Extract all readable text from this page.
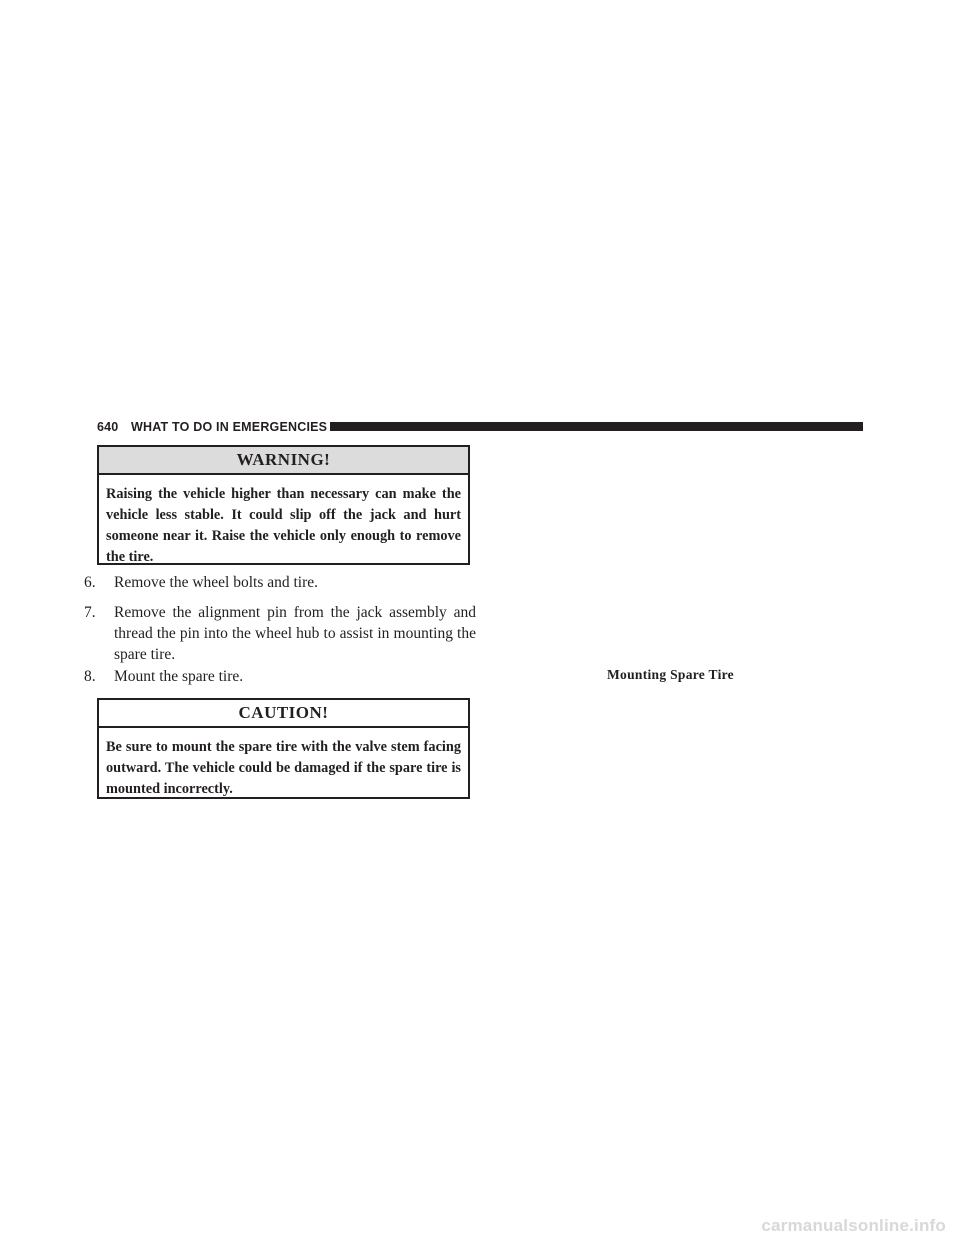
640 WHAT TO DO IN EMERGENCIES
WARNING!
Raising the vehicle higher than necessary can make the vehicle less stable. It could slip off the jack and hurt someone near it. Raise the vehicle only enough to remove the tire.
6. Remove the wheel bolts and tire.
7. Remove the alignment pin from the jack assembly and thread the pin into the wheel hub to assist in mounting the spare tire.
8. Mount the spare tire.
CAUTION!
Be sure to mount the spare tire with the valve stem facing outward. The vehicle could be damaged if the spare tire is mounted incorrectly.
Mounting Spare Tire
carmanualsonline.info
